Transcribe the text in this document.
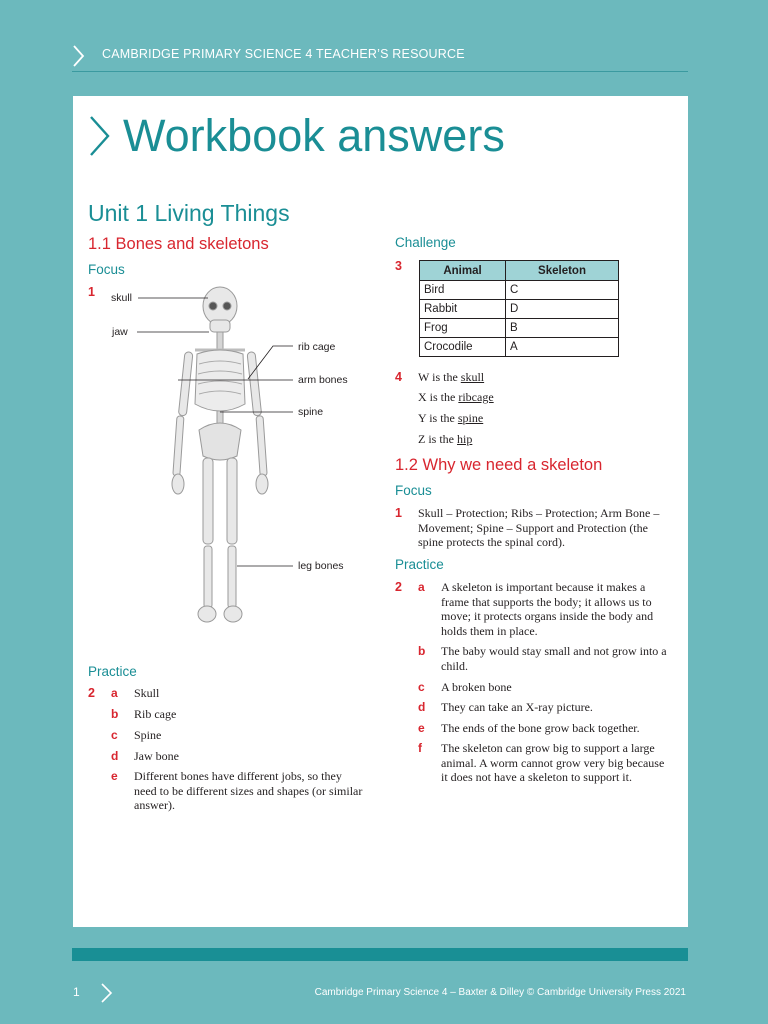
CAMBRIDGE PRIMARY SCIENCE 4 TEACHER’S RESOURCE
Workbook answers
Unit 1 Living Things
1.1 Bones and skeletons
Focus
1 skull
jaw
rib cage
arm bones
spine
leg bones
Practice
2 a Skull
b Rib cage
c Spine
d Jaw bone
e Different bones have different jobs, so they need to be different sizes and shapes (or similar answer).
Challenge
3	Animal	Skeleton
Bird	C
Rabbit	D
Frog	B
Crocodile	A
4 W is the skull
X is the ribcage
Y is the spine
Z is the hip
1.2 Why we need a skeleton
Focus
1 Skull – Protection; Ribs – Protection; Arm Bone – Movement; Spine – Support and Protection (the spine protects the spinal cord).
Practice
2 a A skeleton is important because it makes a frame that supports the body; it allows us to move; it protects organs inside the body and holds them in place.
b The baby would stay small and not grow into a child.
c A broken bone
d They can take an X-ray picture.
e The ends of the bone grow back together.
f The skeleton can grow big to support a large animal. A worm cannot grow very big because it does not have a skeleton to support it.
1	Cambridge Primary Science 4 – Baxter & Dilley © Cambridge University Press 2021
